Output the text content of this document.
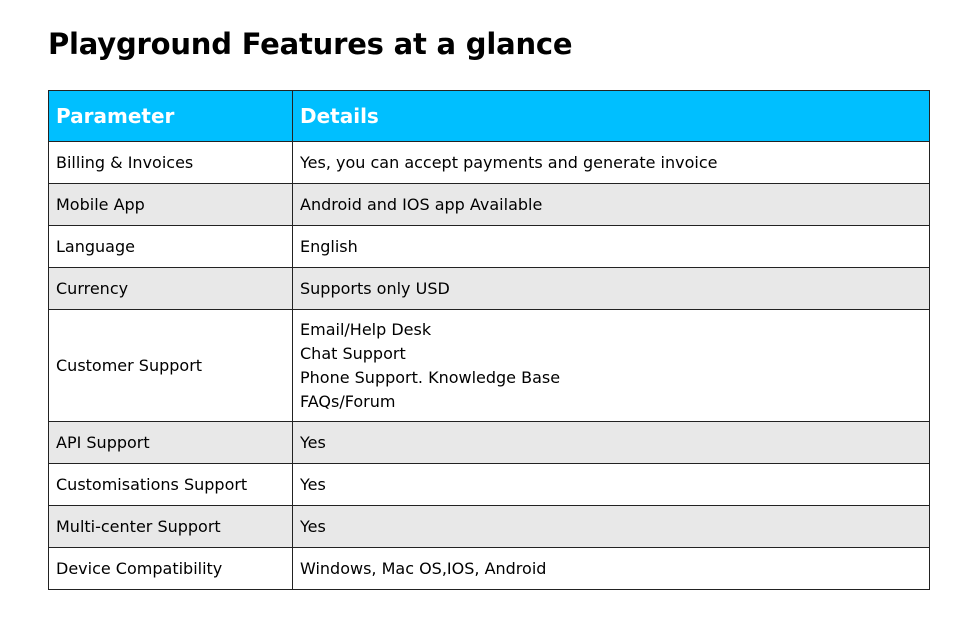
Playground Features at a glance
Parameter	Details
Billing & Invoices	Yes, you can accept payments and generate invoice

Mobile App	Android and IOS app Available

Language	English

Currency	Supports only USD

Customer Support	Email/Help Desk
Chat Support
Phone Support. Knowledge Base
FAQs/Forum

API Support	Yes

Customisations Support	Yes

Multi-center Support	Yes

Device Compatibility	Windows, Mac OS,IOS, Android
